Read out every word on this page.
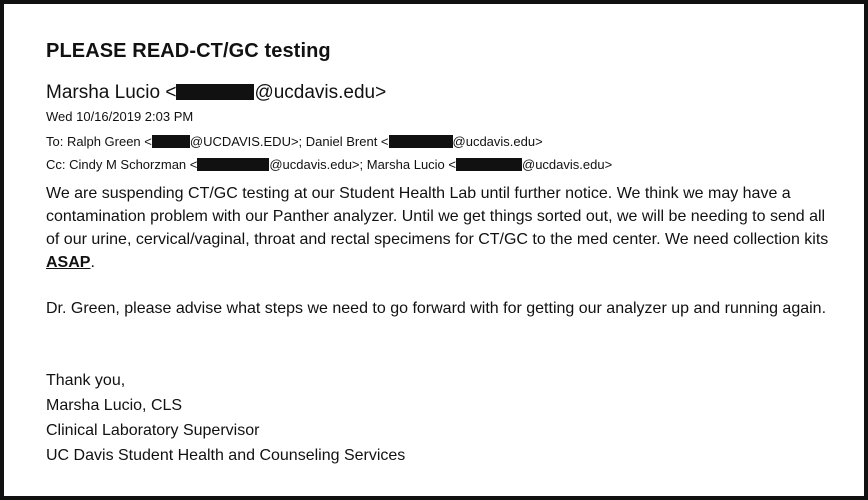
PLEASE READ-CT/GC testing
Marsha Lucio <	@ucdavis.edu>
Wed 10/16/2019 2:03 PM
To: Ralph Green <	@UCDAVIS.EDU>; Daniel Brent <	@ucdavis.edu>
Cc: Cindy M Schorzman <	@ucdavis.edu>; Marsha Lucio <	@ucdavis.edu>

We are suspending CT/GC testing at our Student Health Lab until further notice. We think we may have a contamination problem with our Panther analyzer. Until we get things sorted out, we will be needing to send all of our urine, cervical/vaginal, throat and rectal specimens for CT/GC to the med center. We need collection kits ASAP.

Dr. Green, please advise what steps we need to go forward with for getting our analyzer up and running again.

Thank you,
Marsha Lucio, CLS
Clinical Laboratory Supervisor
UC Davis Student Health and Counseling Services
